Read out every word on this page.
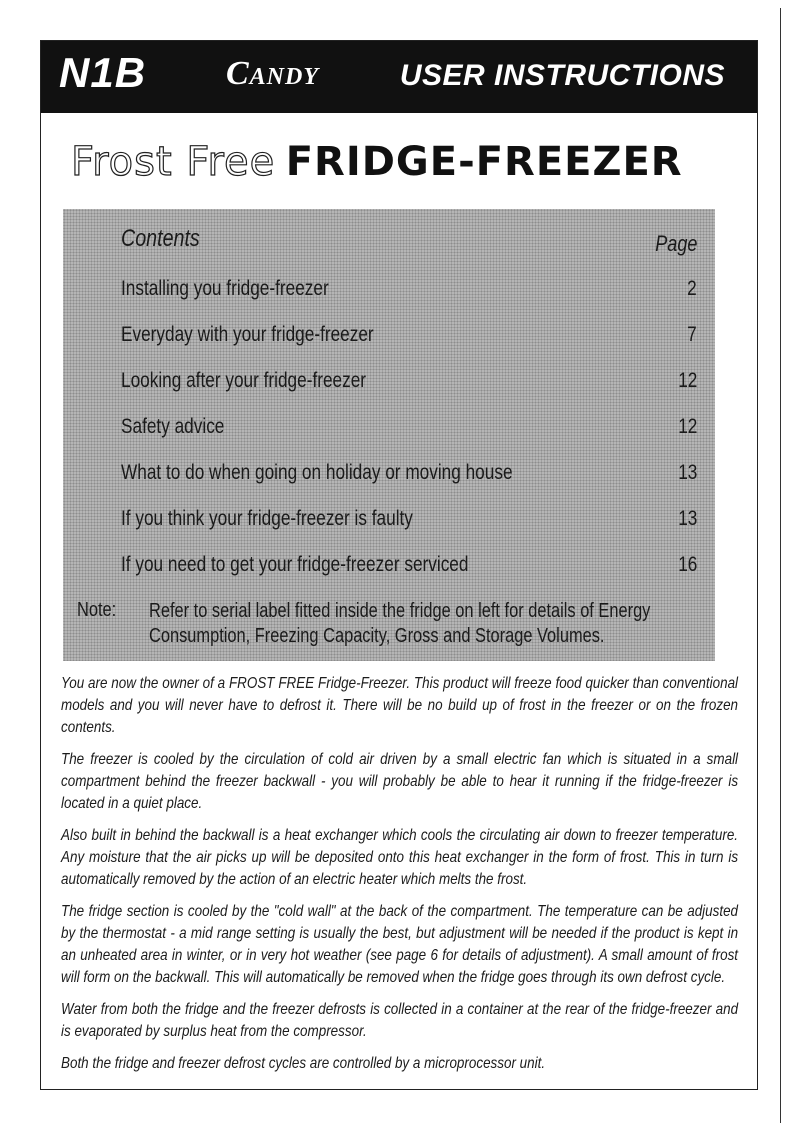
N1B Candy	USER INSTRUCTIONS
Frost Free FRIDGE-FREEZER
Contents	Page
Installing you fridge-freezer	2
Everyday with your fridge-freezer	7
Looking after your fridge-freezer	12
Safety advice	12
What to do when going on holiday or moving house	13
If you think your fridge-freezer is faulty	13
If you need to get your fridge-freezer serviced	16
Note: Refer to serial label fitted inside the fridge on left for details of Energy Consumption, Freezing Capacity, Gross and Storage Volumes.

You are now the owner of a FROST FREE Fridge-Freezer. This product will freeze food quicker than conventional models and you will never have to defrost it. There will be no build up of frost in the freezer or on the frozen contents.

The freezer is cooled by the circulation of cold air driven by a small electric fan which is situated in a small compartment behind the freezer backwall - you will probably be able to hear it running if the fridge-freezer is located in a quiet place.

Also built in behind the backwall is a heat exchanger which cools the circulating air down to freezer temperature. Any moisture that the air picks up will be deposited onto this heat exchanger in the form of frost. This in turn is automatically removed by the action of an electric heater which melts the frost.

The fridge section is cooled by the "cold wall" at the back of the compartment. The temperature can be adjusted by the thermostat - a mid range setting is usually the best, but adjustment will be needed if the product is kept in an unheated area in winter, or in very hot weather (see page 6 for details of adjustment). A small amount of frost will form on the backwall. This will automatically be removed when the fridge goes through its own defrost cycle.

Water from both the fridge and the freezer defrosts is collected in a container at the rear of the fridge-freezer and is evaporated by surplus heat from the compressor.

Both the fridge and freezer defrost cycles are controlled by a microprocessor unit.
